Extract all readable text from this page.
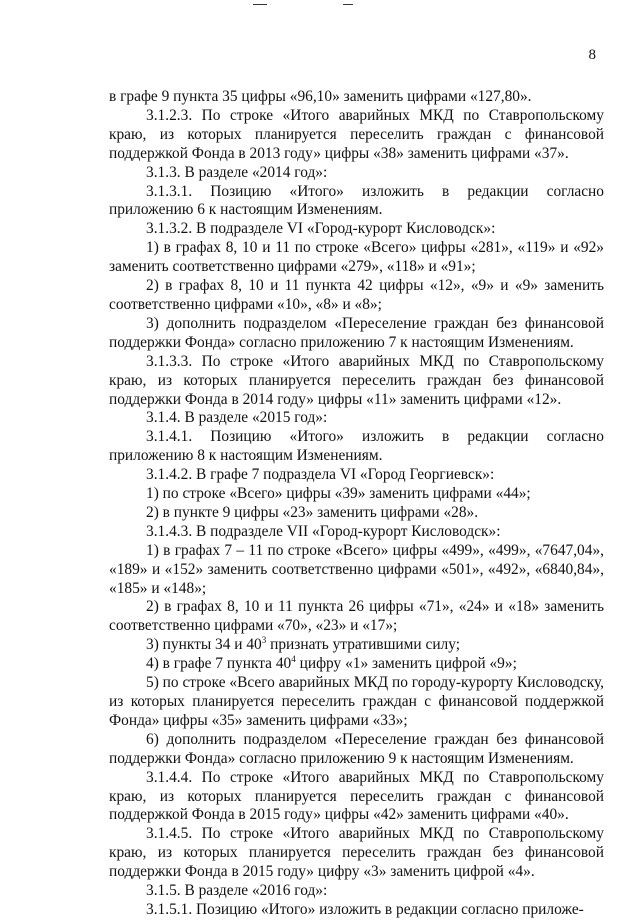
8

в графе 9 пункта 35 цифры «96,10» заменить цифрами «127,80».

3.1.2.3. По строке «Итого аварийных МКД по Ставропольскому краю, из которых планируется переселить граждан с финансовой поддержкой Фонда в 2013 году» цифры «38» заменить цифрами «37».

3.1.3. В разделе «2014 год»:

3.1.3.1. Позицию «Итого» изложить в редакции согласно приложению 6 к настоящим Изменениям.

3.1.3.2. В подразделе VI «Город-курорт Кисловодск»:

1) в графах 8, 10 и 11 по строке «Всего» цифры «281», «119» и «92» заменить соответственно цифрами «279», «118» и «91»;

2) в графах 8, 10 и 11 пункта 42 цифры «12», «9» и «9» заменить соответственно цифрами «10», «8» и «8»;

3) дополнить подразделом «Переселение граждан без финансовой поддержки Фонда» согласно приложению 7 к настоящим Изменениям.

3.1.3.3. По строке «Итого аварийных МКД по Ставропольскому краю, из которых планируется переселить граждан без финансовой поддержки Фонда в 2014 году» цифры «11» заменить цифрами «12».

3.1.4. В разделе «2015 год»:

3.1.4.1. Позицию «Итого» изложить в редакции согласно приложению 8 к настоящим Изменениям.

3.1.4.2. В графе 7 подраздела VI «Город Георгиевск»:

1) по строке «Всего» цифры «39» заменить цифрами «44»;

2) в пункте 9 цифры «23» заменить цифрами «28».

3.1.4.3. В подразделе VII «Город-курорт Кисловодск»:

1) в графах 7 – 11 по строке «Всего» цифры «499», «499», «7647,04», «189» и «152» заменить соответственно цифрами «501», «492», «6840,84», «185» и «148»;

2) в графах 8, 10 и 11 пункта 26 цифры «71», «24» и «18» заменить соответственно цифрами «70», «23» и «17»;

3) пункты 34 и $40^3$ признать утратившими силу;

4) в графе 7 пункта $40^4$ цифру «1» заменить цифрой «9»;

5) по строке «Всего аварийных МКД по городу-курорту Кисловодску, из которых планируется переселить граждан с финансовой поддержкой Фонда» цифры «35» заменить цифрами «33»;

6) дополнить подразделом «Переселение граждан без финансовой поддержки Фонда» согласно приложению 9 к настоящим Изменениям.

3.1.4.4. По строке «Итого аварийных МКД по Ставропольскому краю, из которых планируется переселить граждан с финансовой поддержкой Фонда в 2015 году» цифры «42» заменить цифрами «40».

3.1.4.5. По строке «Итого аварийных МКД по Ставропольскому краю, из которых планируется переселить граждан без финансовой поддержки Фонда в 2015 году» цифру «3» заменить цифрой «4».

3.1.5. В разделе «2016 год»:

3.1.5.1. Позицию «Итого» изложить в редакции согласно приложе-
